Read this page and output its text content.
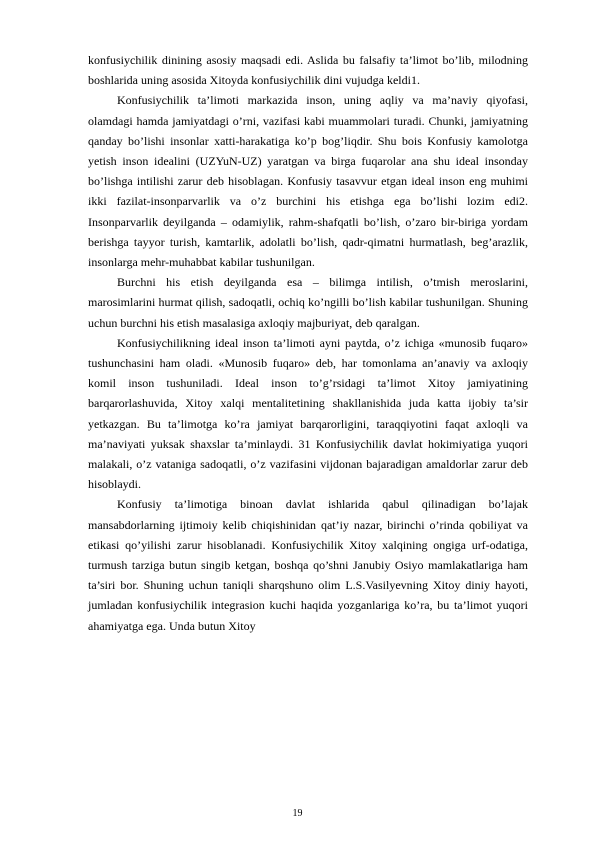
konfusiychilik dinining asosiy maqsadi edi. Aslida bu falsafiy ta’limot bo’lib, milodning boshlarida uning asosida Xitoyda konfusiychilik dini vujudga keldi1.

Konfusiychilik ta’limoti markazida inson, uning aqliy va ma’naviy qiyofasi, olamdagi hamda jamiyatdagi o’rni, vazifasi kabi muammolari turadi. Chunki, jamiyatning qanday bo’lishi insonlar xatti-harakatiga ko’p bog’liqdir. Shu bois Konfusiy kamolotga yetish inson idealini (UZYuN-UZ) yaratgan va birga fuqarolar ana shu ideal insonday bo’lishga intilishi zarur deb hisoblagan. Konfusiy tasavvur etgan ideal inson eng muhimi ikki fazilat-insonparvarlik va o’z burchini his etishga ega bo’lishi lozim edi2. Insonparvarlik deyilganda – odamiylik, rahm-shafqatli bo’lish, o’zaro bir-biriga yordam berishga tayyor turish, kamtarlik, adolatli bo’lish, qadr-qimatni hurmatlash, beg’arazlik, insonlarga mehr-muhabbat kabilar tushunilgan.

Burchni his etish deyilganda esa – bilimga intilish, o’tmish meroslarini, marosimlarini hurmat qilish, sadoqatli, ochiq ko’ngilli bo’lish kabilar tushunilgan. Shuning uchun burchni his etish masalasiga axloqiy majburiyat, deb qaralgan.

Konfusiychilikning ideal inson ta’limoti ayni paytda, o’z ichiga «munosib fuqaro» tushunchasini ham oladi. «Munosib fuqaro» deb, har tomonlama an’anaviy va axloqiy komil inson tushuniladi. Ideal inson to’g’rsidagi ta’limot Xitoy jamiyatining barqarorlashuvida, Xitoy xalqi mentalitetining shakllanishida juda katta ijobiy ta’sir yetkazgan. Bu ta’limotga ko’ra jamiyat barqarorligini, taraqqiyotini faqat axloqli va ma’naviyati yuksak shaxslar ta’minlaydi. 31 Konfusiychilik davlat hokimiyatiga yuqori malakali, o’z vataniga sadoqatli, o’z vazifasini vijdonan bajaradigan amaldorlar zarur deb hisoblaydi.

Konfusiy ta’limotiga binoan davlat ishlarida qabul qilinadigan bo’lajak mansabdorlarning ijtimoiy kelib chiqishinidan qat’iy nazar, birinchi o’rinda qobiliyat va etikasi qo’yilishi zarur hisoblanadi. Konfusiychilik Xitoy xalqining ongiga urf-odatiga, turmush tarziga butun singib ketgan, boshqa qo’shni Janubiy Osiyo mamlakatlariga ham ta’siri bor. Shuning uchun taniqli sharqshuno olim L.S.Vasilyevning Xitoy diniy hayoti, jumladan konfusiychilik integrasion kuchi haqida yozganlariga ko’ra, bu ta’limot yuqori ahamiyatga ega. Unda butun Xitoy

19
